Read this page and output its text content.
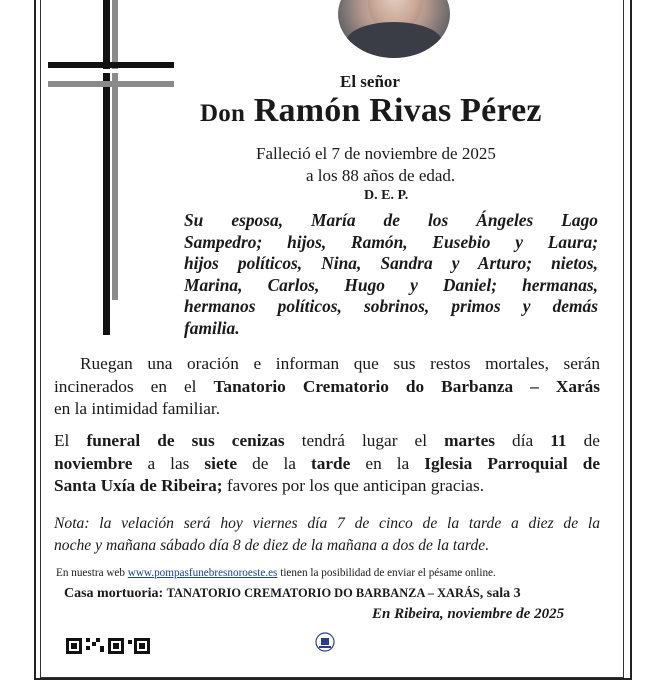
El señor
Don Ramón Rivas Pérez
Falleció el 7 de noviembre de 2025
a los 88 años de edad.
D. E. P.
Su esposa, María de los Ángeles Lago
Sampedro; hijos, Ramón, Eusebio y Laura;
hijos políticos, Nina, Sandra y Arturo; nietos,
Marina, Carlos, Hugo y Daniel; hermanas,
hermanos políticos, sobrinos, primos y demás
familia.
Ruegan una oración e informan que sus restos mortales, serán
incinerados en el Tanatorio Crematorio do Barbanza – Xarás
en la intimidad familiar.
El funeral de sus cenizas tendrá lugar el martes día 11 de
noviembre a las siete de la tarde en la Iglesia Parroquial de
Santa Uxía de Ribeira; favores por los que anticipan gracias.
Nota: la velación será hoy viernes día 7 de cinco de la tarde a diez de la
noche y mañana sábado día 8 de diez de la mañana a dos de la tarde.
En nuestra web www.pompasfunebresnoroeste.es tienen la posibilidad de enviar el pésame online.
Casa mortuoria: TANATORIO CREMATORIO DO BARBANZA – XARÁS, sala 3
En Ribeira, noviembre de 2025
